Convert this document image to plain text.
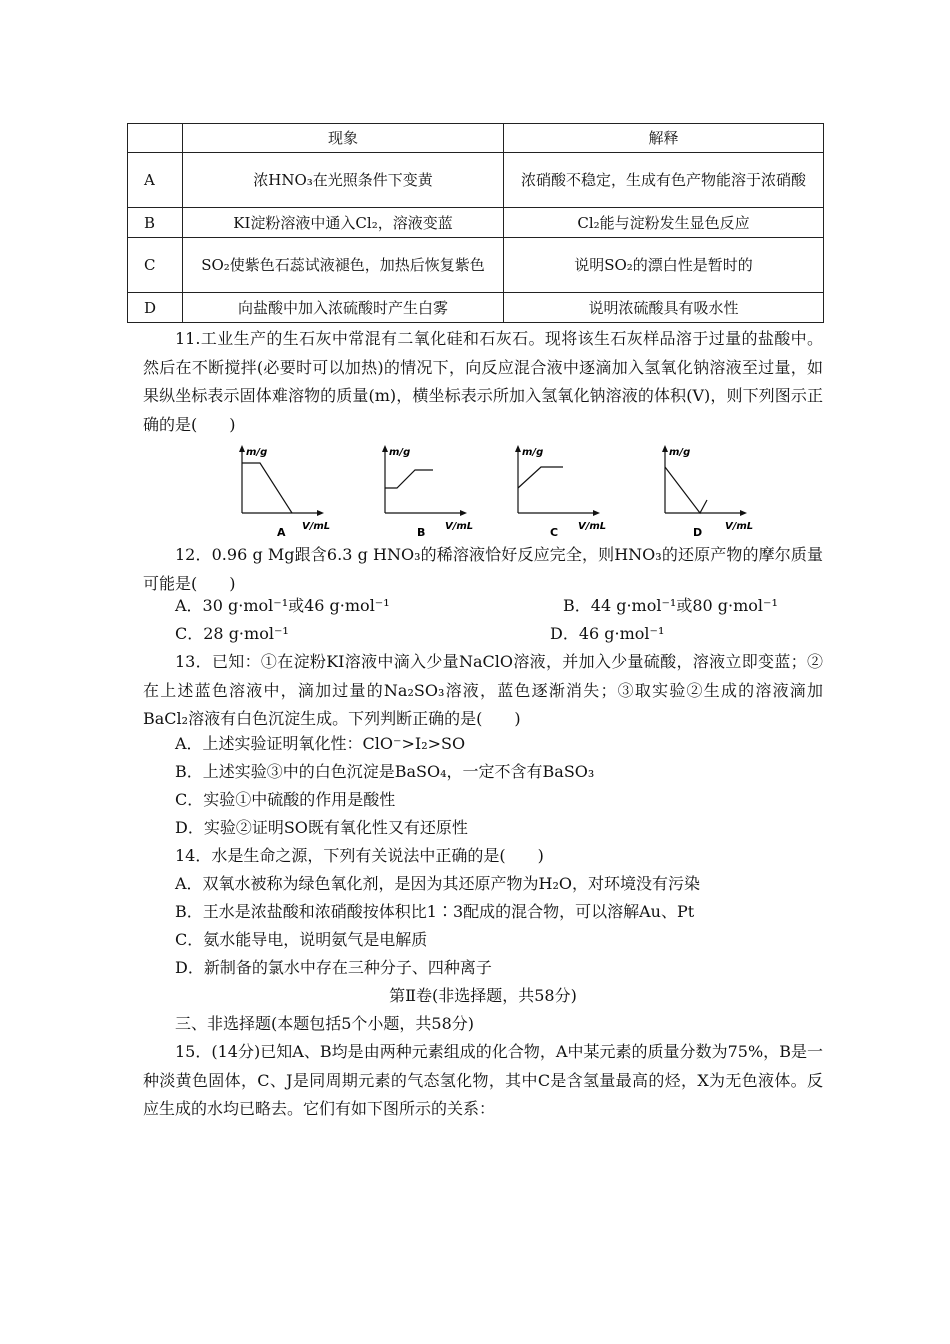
	现象	解释
A	浓HNO₃在光照条件下变黄	浓硝酸不稳定，生成有色产物能溶于浓硝酸
B	KI淀粉溶液中通入Cl₂，溶液变蓝	Cl₂能与淀粉发生显色反应
C	SO₂使紫色石蕊试液褪色，加热后恢复紫色	说明SO₂的漂白性是暂时的
D	向盐酸中加入浓硫酸时产生白雾	说明浓硫酸具有吸水性
11.工业生产的生石灰中常混有二氧化硅和石灰石。现将该生石灰样品溶于过量的盐酸中。然后在不断搅拌(必要时可以加热)的情况下，向反应混合液中逐滴加入氢氧化钠溶液至过量，如果纵坐标表示固体难溶物的质量(m)，横坐标表示所加入氢氧化钠溶液的体积(V)，则下列图示正确的是(　　)
m/g
V/mL
A
m/g
V/mL
B
m/g
V/mL
C
m/g
V/mL
D
12．0.96 g Mg跟含6.3 g HNO₃的稀溶液恰好反应完全，则HNO₃的还原产物的摩尔质量可能是(　　)
A．30 g·mol⁻¹或46 g·mol⁻¹	B．44 g·mol⁻¹或80 g·mol⁻¹
C．28 g·mol⁻¹	D．46 g·mol⁻¹
13．已知：①在淀粉KI溶液中滴入少量NaClO溶液，并加入少量硫酸，溶液立即变蓝；②在上述蓝色溶液中，滴加过量的Na₂SO₃溶液，蓝色逐渐消失；③取实验②生成的溶液滴加BaCl₂溶液有白色沉淀生成。下列判断正确的是(　　)
A．上述实验证明氧化性：ClO⁻>I₂>SO
B．上述实验③中的白色沉淀是BaSO₄，一定不含有BaSO₃
C．实验①中硫酸的作用是酸性
D．实验②证明SO既有氧化性又有还原性
14．水是生命之源，下列有关说法中正确的是(　　)
A．双氧水被称为绿色氧化剂，是因为其还原产物为H₂O，对环境没有污染
B．王水是浓盐酸和浓硝酸按体积比1∶3配成的混合物，可以溶解Au、Pt
C．氨水能导电，说明氨气是电解质
D．新制备的氯水中存在三种分子、四种离子
第Ⅱ卷(非选择题，共58分)
三、非选择题(本题包括5个小题，共58分)
15．(14分)已知A、B均是由两种元素组成的化合物，A中某元素的质量分数为75%，B是一种淡黄色固体，C、J是同周期元素的气态氢化物，其中C是含氢量最高的烃，X为无色液体。反应生成的水均已略去。它们有如下图所示的关系：
